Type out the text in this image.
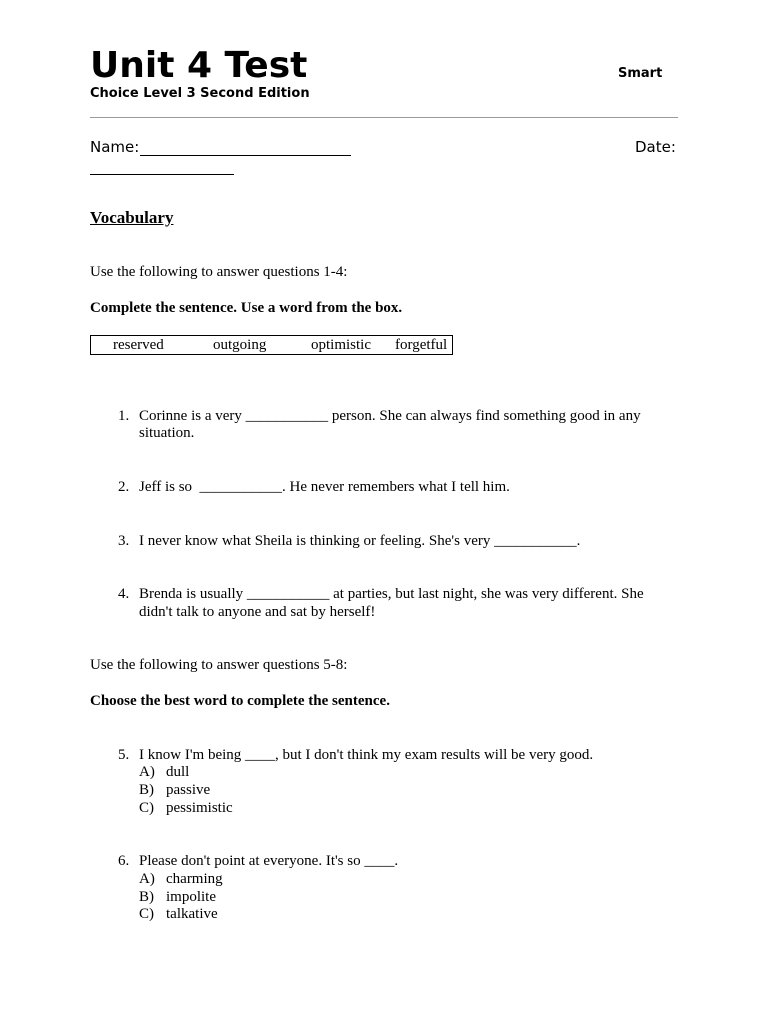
Unit 4 Test
Choice Level 3 Second Edition
Smart
Name:	Date:
Vocabulary
Use the following to answer questions 1-4:
Complete the sentence. Use a word from the box.
reserved	outgoing	optimistic forgetful
1. Corinne is a very ___________ person. She can always find something good in any
situation.
2. Jeff is so  ___________. He never remembers what I tell him.
3. I never know what Sheila is thinking or feeling. She's very ___________.
4. Brenda is usually ___________ at parties, but last night, she was very different. She
didn't talk to anyone and sat by herself!
Use the following to answer questions 5-8:
Choose the best word to complete the sentence.
5. I know I'm being ____, but I don't think my exam results will be very good.
A) dull
B) passive
C) pessimistic
6. Please don't point at everyone. It's so ____.
A) charming
B) impolite
C) talkative
